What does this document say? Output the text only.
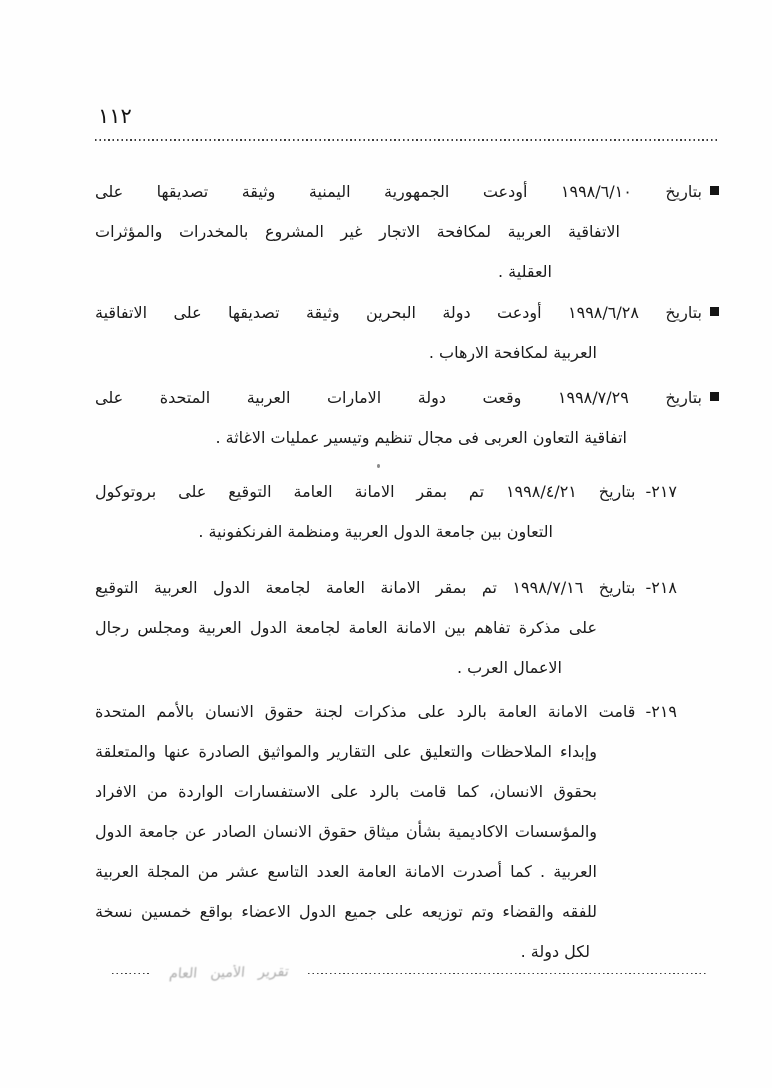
١١٢
بتاريخ ١٩٩٨/٦/١٠ أودعت الجمهورية اليمنية وثيقة تصديقها على
الاتفاقية العربية لمكافحة الاتجار غير المشروع بالمخدرات والمؤثرات
العقلية .
بتاريخ ١٩٩٨/٦/٢٨ أودعت دولة البحرين وثيقة تصديقها على الاتفاقية
العربية لمكافحة الارهاب .
بتاريخ ١٩٩٨/٧/٢٩ وقعت دولة الامارات العربية المتحدة على
اتفاقية التعاون العربى فى مجال تنظيم وتيسير عمليات الاغاثة .
٢١٧-بتاريخ ١٩٩٨/٤/٢١ تم بمقر الامانة العامة التوقيع على بروتوكول
التعاون بين جامعة الدول العربية ومنظمة الفرنكفونية .
٢١٨-بتاريخ ١٩٩٨/٧/١٦ تم بمقر الامانة العامة لجامعة الدول العربية التوقيع
على مذكرة تفاهم بين الامانة العامة لجامعة الدول العربية ومجلس رجال
الاعمال العرب .
٢١٩-قامت الامانة العامة بالرد على مذكرات لجنة حقوق الانسان بالأمم المتحدة
وإبداء الملاحظات والتعليق على التقارير والمواثيق الصادرة عنها والمتعلقة
بحقوق الانسان، كما قامت بالرد على الاستفسارات الواردة من الافراد
والمؤسسات الاكاديمية بشأن ميثاق حقوق الانسان الصادر عن جامعة الدول
العربية . كما أصدرت الامانة العامة العدد التاسع عشر من المجلة العربية
للفقه والقضاء وتم توزيعه على جميع الدول الاعضاء بواقع خمسين نسخة
لكل دولة .
تقرير الأمين العام
